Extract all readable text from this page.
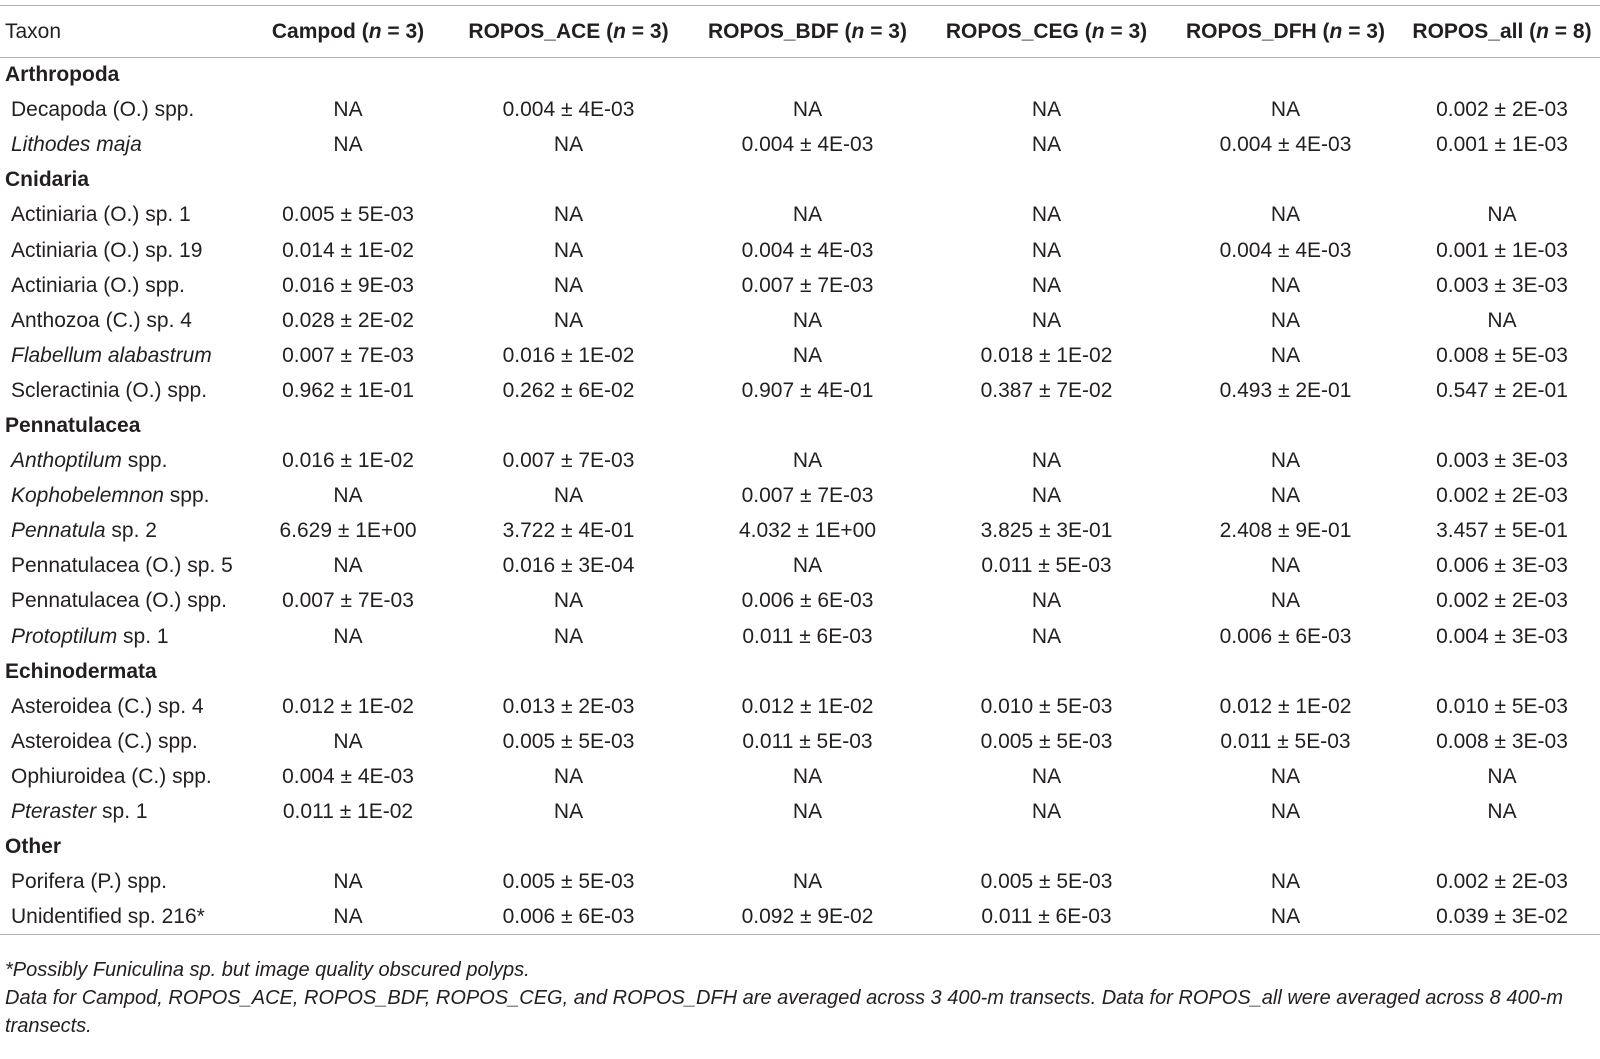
Taxon	Campod (n = 3)	ROPOS_ACE (n = 3)	ROPOS_BDF (n = 3)	ROPOS_CEG (n = 3)	ROPOS_DFH (n = 3)	ROPOS_all (n = 8)
Arthropoda						
Decapoda (O.) spp.	NA	0.004 ± 4E-03	NA	NA	NA	0.002 ± 2E-03
Lithodes maja	NA	NA	0.004 ± 4E-03	NA	0.004 ± 4E-03	0.001 ± 1E-03
Cnidaria						
Actiniaria (O.) sp. 1	0.005 ± 5E-03	NA	NA	NA	NA	NA
Actiniaria (O.) sp. 19	0.014 ± 1E-02	NA	0.004 ± 4E-03	NA	0.004 ± 4E-03	0.001 ± 1E-03
Actiniaria (O.) spp.	0.016 ± 9E-03	NA	0.007 ± 7E-03	NA	NA	0.003 ± 3E-03
Anthozoa (C.) sp. 4	0.028 ± 2E-02	NA	NA	NA	NA	NA
Flabellum alabastrum	0.007 ± 7E-03	0.016 ± 1E-02	NA	0.018 ± 1E-02	NA	0.008 ± 5E-03
Scleractinia (O.) spp.	0.962 ± 1E-01	0.262 ± 6E-02	0.907 ± 4E-01	0.387 ± 7E-02	0.493 ± 2E-01	0.547 ± 2E-01
Pennatulacea						
Anthoptilum spp.	0.016 ± 1E-02	0.007 ± 7E-03	NA	NA	NA	0.003 ± 3E-03
Kophobelemnon spp.	NA	NA	0.007 ± 7E-03	NA	NA	0.002 ± 2E-03
Pennatula sp. 2	6.629 ± 1E+00	3.722 ± 4E-01	4.032 ± 1E+00	3.825 ± 3E-01	2.408 ± 9E-01	3.457 ± 5E-01
Pennatulacea (O.) sp. 5	NA	0.016 ± 3E-04	NA	0.011 ± 5E-03	NA	0.006 ± 3E-03
Pennatulacea (O.) spp.	0.007 ± 7E-03	NA	0.006 ± 6E-03	NA	NA	0.002 ± 2E-03
Protoptilum sp. 1	NA	NA	0.011 ± 6E-03	NA	0.006 ± 6E-03	0.004 ± 3E-03
Echinodermata						
Asteroidea (C.) sp. 4	0.012 ± 1E-02	0.013 ± 2E-03	0.012 ± 1E-02	0.010 ± 5E-03	0.012 ± 1E-02	0.010 ± 5E-03
Asteroidea (C.) spp.	NA	0.005 ± 5E-03	0.011 ± 5E-03	0.005 ± 5E-03	0.011 ± 5E-03	0.008 ± 3E-03
Ophiuroidea (C.) spp.	0.004 ± 4E-03	NA	NA	NA	NA	NA
Pteraster sp. 1	0.011 ± 1E-02	NA	NA	NA	NA	NA
Other						
Porifera (P.) spp.	NA	0.005 ± 5E-03	NA	0.005 ± 5E-03	NA	0.002 ± 2E-03
Unidentified sp. 216*	NA	0.006 ± 6E-03	0.092 ± 9E-02	0.011 ± 6E-03	NA	0.039 ± 3E-02

*Possibly Funiculina sp. but image quality obscured polyps.

Data for Campod, ROPOS_ACE, ROPOS_BDF, ROPOS_CEG, and ROPOS_DFH are averaged across 3 400-m transects. Data for ROPOS_all were averaged across 8 400-m transects.
